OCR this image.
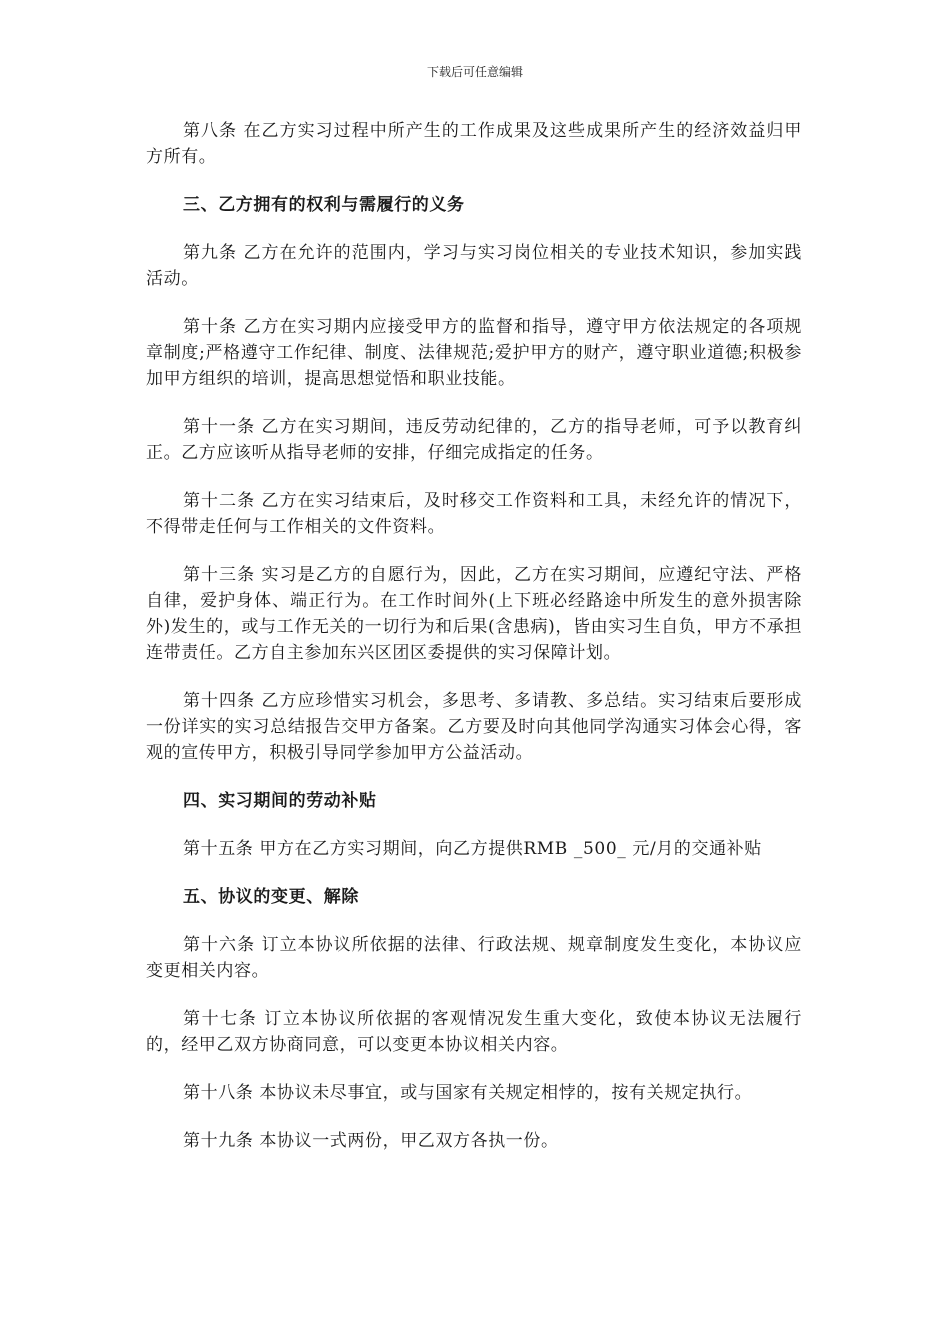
下载后可任意编辑

第八条 在乙方实习过程中所产生的工作成果及这些成果所产生的经济效益归甲方所有。

三、乙方拥有的权利与需履行的义务

第九条 乙方在允许的范围内，学习与实习岗位相关的专业技术知识，参加实践活动。

第十条 乙方在实习期内应接受甲方的监督和指导，遵守甲方依法规定的各项规章制度;严格遵守工作纪律、制度、法律规范;爱护甲方的财产，遵守职业道德;积极参加甲方组织的培训，提高思想觉悟和职业技能。

第十一条 乙方在实习期间，违反劳动纪律的，乙方的指导老师，可予以教育纠正。乙方应该听从指导老师的安排，仔细完成指定的任务。

第十二条 乙方在实习结束后，及时移交工作资料和工具，未经允许的情况下，不得带走任何与工作相关的文件资料。

第十三条 实习是乙方的自愿行为，因此，乙方在实习期间，应遵纪守法、严格自律，爱护身体、端正行为。在工作时间外(上下班必经路途中所发生的意外损害除外)发生的，或与工作无关的一切行为和后果(含患病)，皆由实习生自负，甲方不承担连带责任。乙方自主参加东兴区团区委提供的实习保障计划。

第十四条 乙方应珍惜实习机会，多思考、多请教、多总结。实习结束后要形成一份详实的实习总结报告交甲方备案。乙方要及时向其他同学沟通实习体会心得，客观的宣传甲方，积极引导同学参加甲方公益活动。

四、实习期间的劳动补贴

第十五条 甲方在乙方实习期间，向乙方提供RMB _500_ 元/月的交通补贴

五、协议的变更、解除

第十六条 订立本协议所依据的法律、行政法规、规章制度发生变化，本协议应变更相关内容。

第十七条 订立本协议所依据的客观情况发生重大变化，致使本协议无法履行的，经甲乙双方协商同意，可以变更本协议相关内容。

第十八条 本协议未尽事宜，或与国家有关规定相悖的，按有关规定执行。

第十九条 本协议一式两份，甲乙双方各执一份。
